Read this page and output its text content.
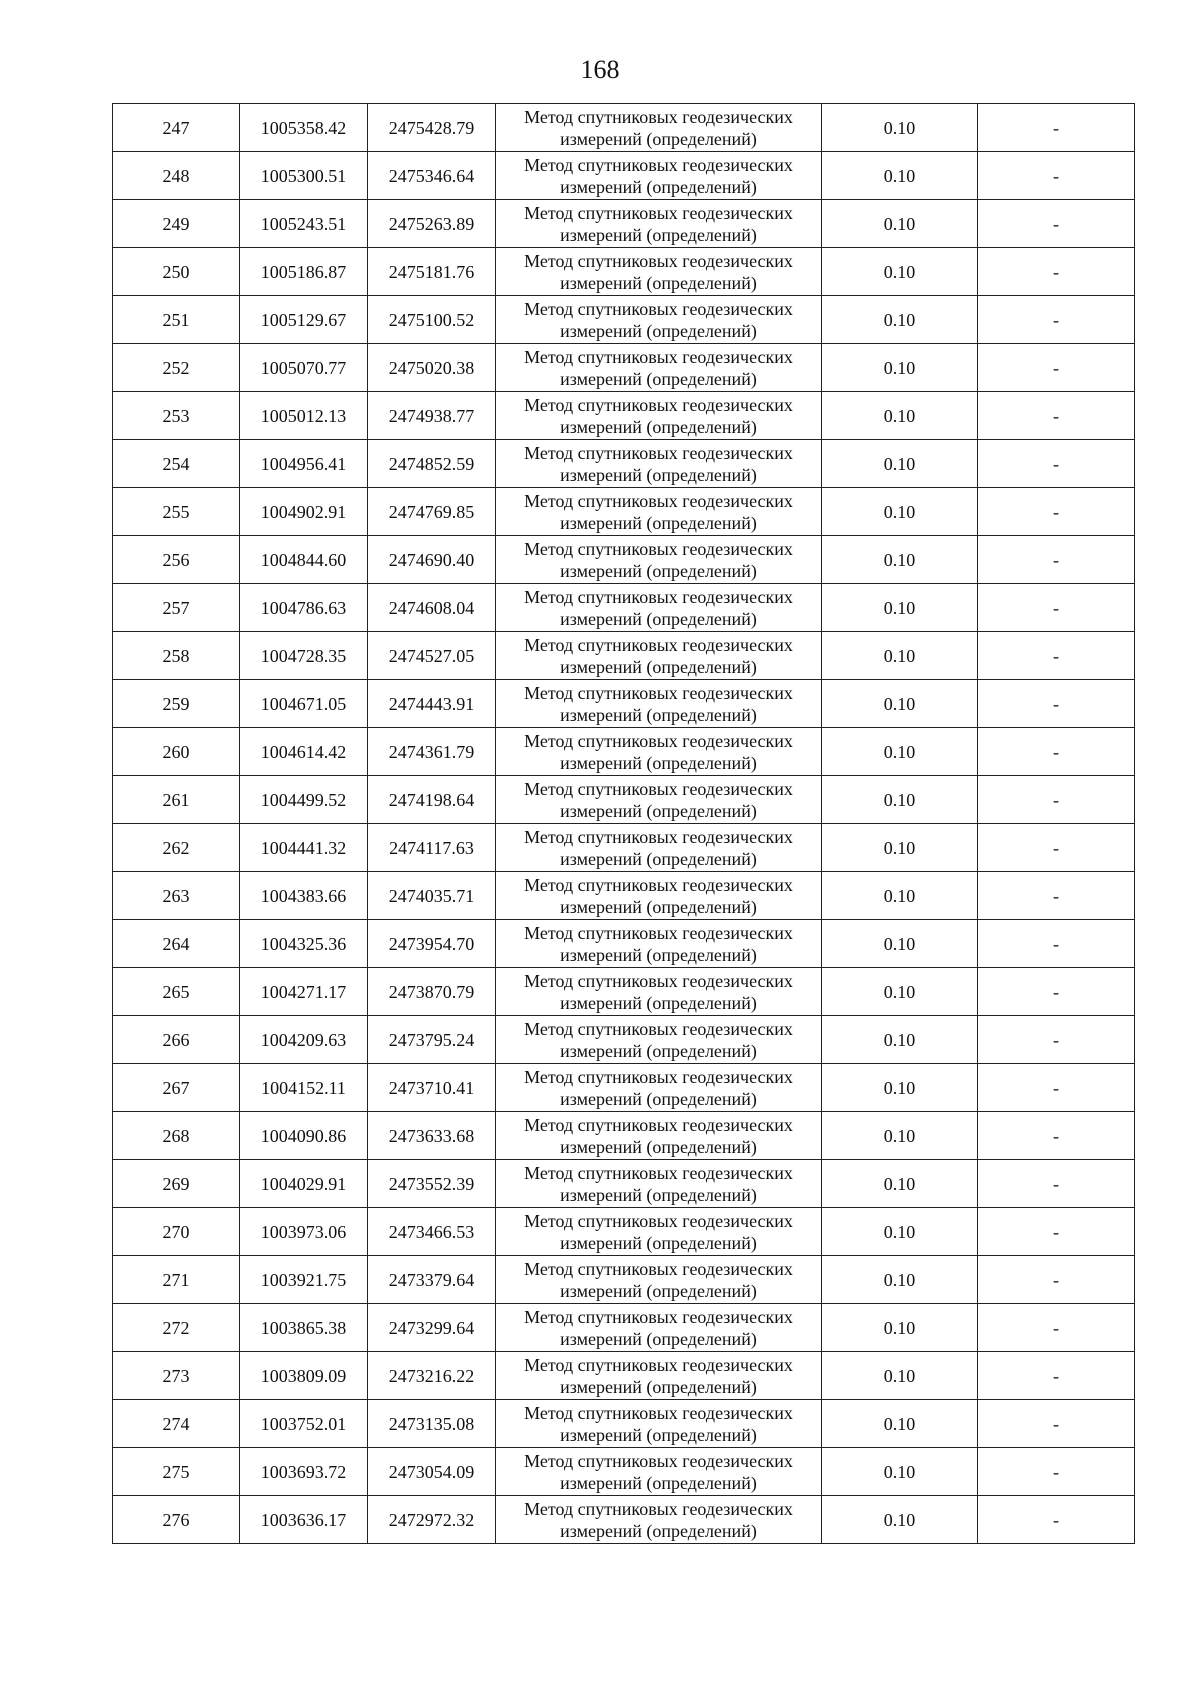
168
247	1005358.42	2475428.79	Метод спутниковых геодезических
измерений (определений)	0.10	-
248	1005300.51	2475346.64	Метод спутниковых геодезических
измерений (определений)	0.10	-
249	1005243.51	2475263.89	Метод спутниковых геодезических
измерений (определений)	0.10	-
250	1005186.87	2475181.76	Метод спутниковых геодезических
измерений (определений)	0.10	-
251	1005129.67	2475100.52	Метод спутниковых геодезических
измерений (определений)	0.10	-
252	1005070.77	2475020.38	Метод спутниковых геодезических
измерений (определений)	0.10	-
253	1005012.13	2474938.77	Метод спутниковых геодезических
измерений (определений)	0.10	-
254	1004956.41	2474852.59	Метод спутниковых геодезических
измерений (определений)	0.10	-
255	1004902.91	2474769.85	Метод спутниковых геодезических
измерений (определений)	0.10	-
256	1004844.60	2474690.40	Метод спутниковых геодезических
измерений (определений)	0.10	-
257	1004786.63	2474608.04	Метод спутниковых геодезических
измерений (определений)	0.10	-
258	1004728.35	2474527.05	Метод спутниковых геодезических
измерений (определений)	0.10	-
259	1004671.05	2474443.91	Метод спутниковых геодезических
измерений (определений)	0.10	-
260	1004614.42	2474361.79	Метод спутниковых геодезических
измерений (определений)	0.10	-
261	1004499.52	2474198.64	Метод спутниковых геодезических
измерений (определений)	0.10	-
262	1004441.32	2474117.63	Метод спутниковых геодезических
измерений (определений)	0.10	-
263	1004383.66	2474035.71	Метод спутниковых геодезических
измерений (определений)	0.10	-
264	1004325.36	2473954.70	Метод спутниковых геодезических
измерений (определений)	0.10	-
265	1004271.17	2473870.79	Метод спутниковых геодезических
измерений (определений)	0.10	-
266	1004209.63	2473795.24	Метод спутниковых геодезических
измерений (определений)	0.10	-
267	1004152.11	2473710.41	Метод спутниковых геодезических
измерений (определений)	0.10	-
268	1004090.86	2473633.68	Метод спутниковых геодезических
измерений (определений)	0.10	-
269	1004029.91	2473552.39	Метод спутниковых геодезических
измерений (определений)	0.10	-
270	1003973.06	2473466.53	Метод спутниковых геодезических
измерений (определений)	0.10	-
271	1003921.75	2473379.64	Метод спутниковых геодезических
измерений (определений)	0.10	-
272	1003865.38	2473299.64	Метод спутниковых геодезических
измерений (определений)	0.10	-
273	1003809.09	2473216.22	Метод спутниковых геодезических
измерений (определений)	0.10	-
274	1003752.01	2473135.08	Метод спутниковых геодезических
измерений (определений)	0.10	-
275	1003693.72	2473054.09	Метод спутниковых геодезических
измерений (определений)	0.10	-
276	1003636.17	2472972.32	Метод спутниковых геодезических
измерений (определений)	0.10	-
